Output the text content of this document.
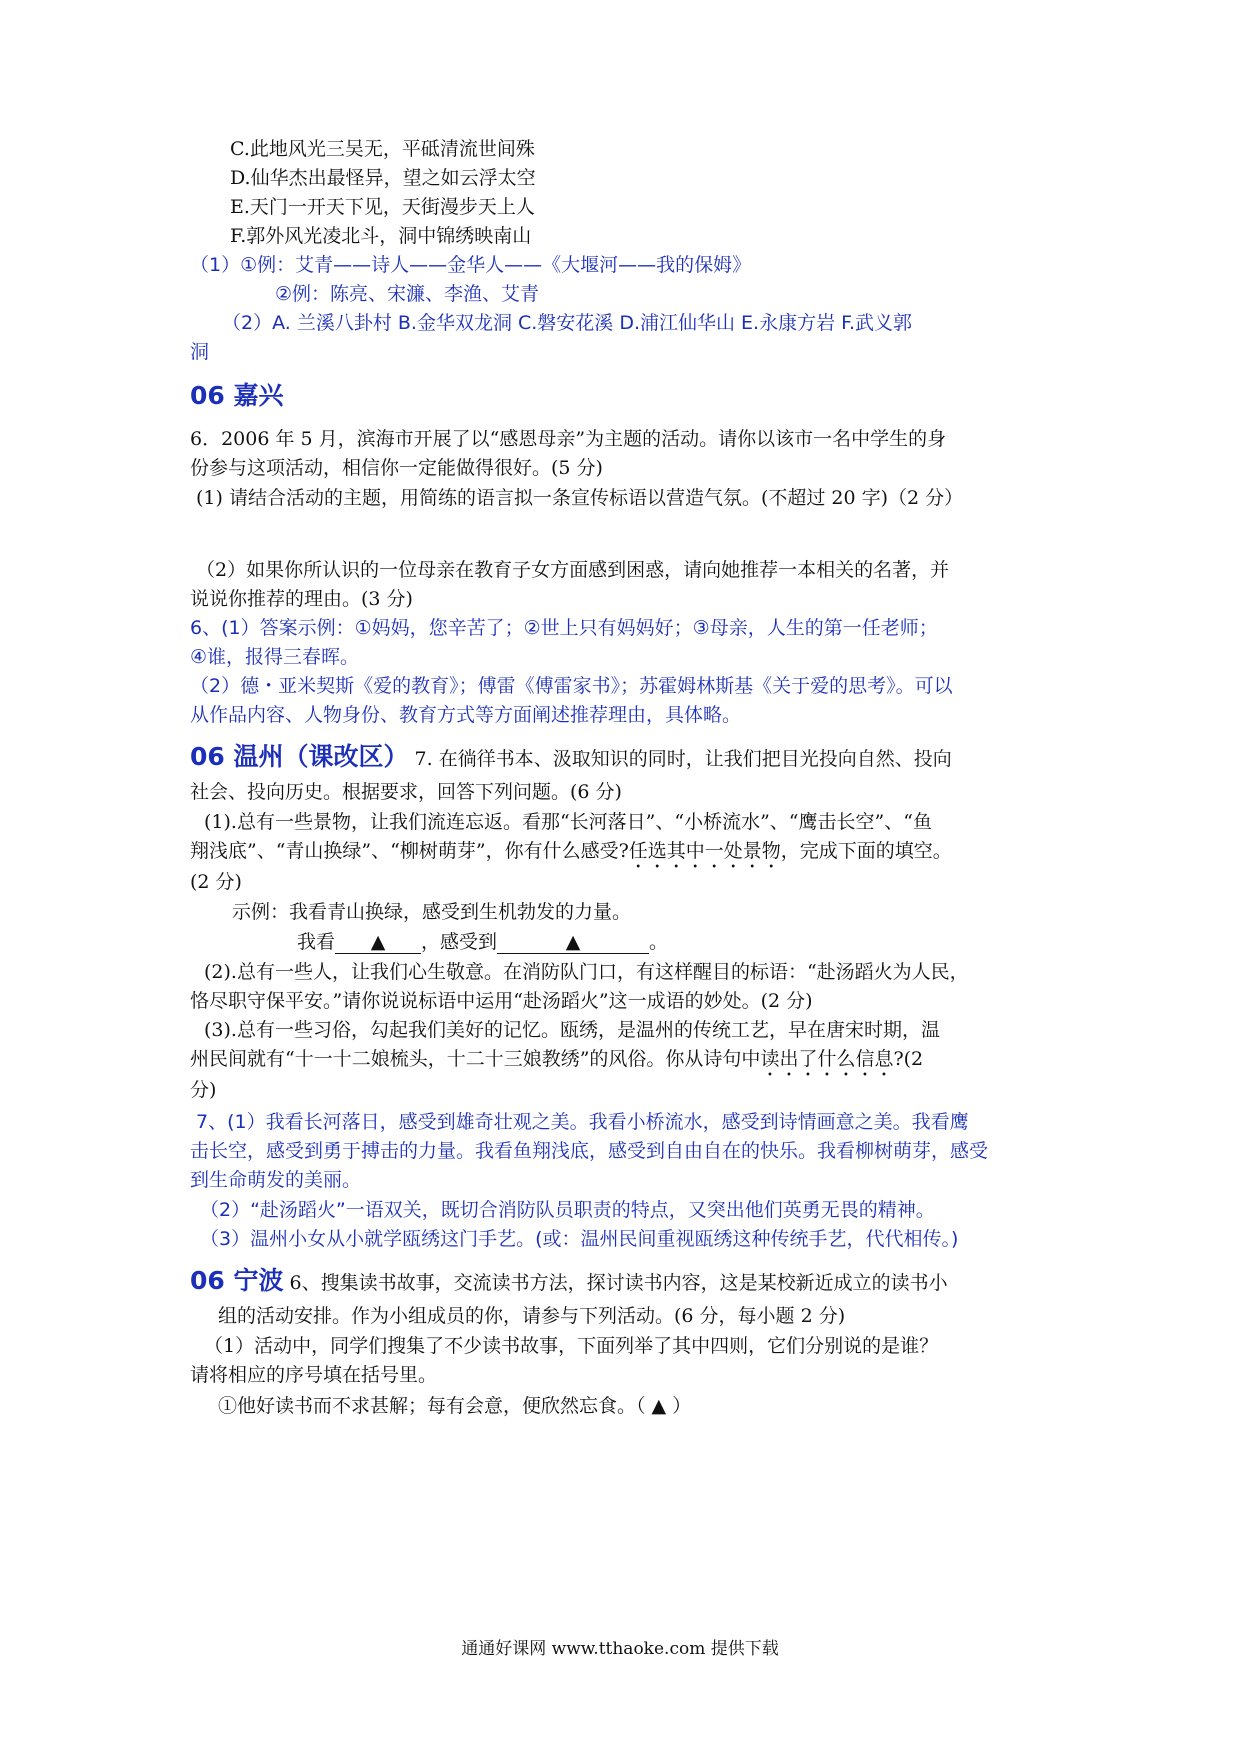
C.此地风光三吴无，平砥清流世间殊
D.仙华杰出最怪异，望之如云浮太空
E.天门一开天下见，天街漫步天上人
F.郭外风光凌北斗，洞中锦绣映南山
（1）①例：艾青——诗人——金华人——《大堰河——我的保姆》
②例：陈亮、宋濂、李渔、艾青
（2）A. 兰溪八卦村 B.金华双龙洞 C.磐安花溪 D.浦江仙华山 E.永康方岩 F.武义郭
洞
06 嘉兴
6．2006 年 5 月，滨海市开展了以“感恩母亲”为主题的活动。请你以该市一名中学生的身
份参与这项活动，相信你一定能做得很好。(5 分)
(1) 请结合活动的主题，用简练的语言拟一条宣传标语以营造气氛。(不超过 20 字)（2 分）
（2）如果你所认识的一位母亲在教育子女方面感到困惑，请向她推荐一本相关的名著，并
说说你推荐的理由。(3 分)
6、(1）答案示例：①妈妈，您辛苦了；②世上只有妈妈好；③母亲，人生的第一任老师；
④谁，报得三春晖。
（2）德・亚米契斯《爱的教育》；傅雷《傅雷家书》；苏霍姆林斯基《关于爱的思考》。可以
从作品内容、人物身份、教育方式等方面阐述推荐理由，具体略。
06 温州（课改区） 7. 在徜徉书本、汲取知识的同时，让我们把目光投向自然、投向
社会、投向历史。根据要求，回答下列问题。(6 分)
(1).总有一些景物，让我们流连忘返。看那“长河落日”、“小桥流水”、“鹰击长空”、“鱼
翔浅底”、“青山换绿”、“柳树萌芽”，你有什么感受?任选其中一处景物，完成下面的填空。
(2 分)
示例：我看青山换绿，感受到生机勃发的力量。
我看 ▲ ，感受到	▲	。
(2).总有一些人，让我们心生敬意。在消防队门口，有这样醒目的标语：“赴汤蹈火为人民，
恪尽职守保平安。”请你说说标语中运用“赴汤蹈火”这一成语的妙处。(2 分)
(3).总有一些习俗，勾起我们美好的记忆。瓯绣，是温州的传统工艺，早在唐宋时期，温
州民间就有“十一十二娘梳头，十二十三娘教绣”的风俗。你从诗句中读出了什么信息?(2
分)
7、(1）我看长河落日，感受到雄奇壮观之美。我看小桥流水，感受到诗情画意之美。我看鹰
击长空，感受到勇于搏击的力量。我看鱼翔浅底，感受到自由自在的快乐。我看柳树萌芽，感受
到生命萌发的美丽。
（2）“赴汤蹈火”一语双关，既切合消防队员职责的特点，又突出他们英勇无畏的精神。
（3）温州小女从小就学瓯绣这门手艺。(或：温州民间重视瓯绣这种传统手艺，代代相传。)
06 宁波 6、搜集读书故事，交流读书方法，探讨读书内容，这是某校新近成立的读书小
组的活动安排。作为小组成员的你，请参与下列活动。(6 分，每小题 2 分)
（1）活动中，同学们搜集了不少读书故事，下面列举了其中四则，它们分别说的是谁？
请将相应的序号填在括号里。
①他好读书而不求甚解；每有会意，便欣然忘食。（ ▲ ）
通通好课网 www.tthaoke.com 提供下载
